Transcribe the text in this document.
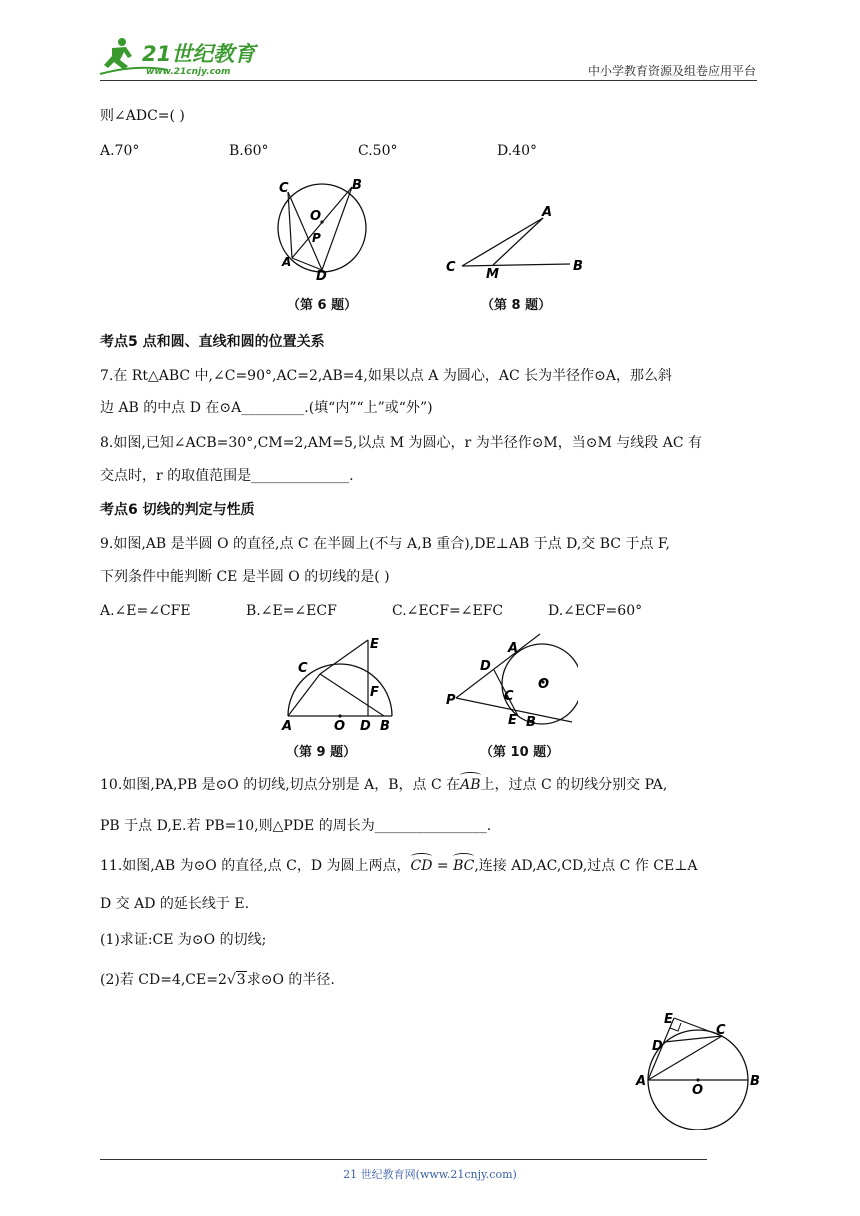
21世纪教育
www.21cnjy.com	中小学教育资源及组卷应用平台
则∠ADC=( )
A.70°	B.60°	C.50°	D.40°
C	B
O
P
A
D
（第 6 题）
A
C M
B
（第 8 题）
考点5 点和圆、直线和圆的位置关系
7.在 Rt△ABC 中,∠C=90°,AC=2,AB=4,如果以点 A 为圆心，AC 长为半径作⊙A，那么斜
边 AB 的中点 D 在⊙A_________.(填“内”“上”或“外”)
8.如图,已知∠ACB=30°,CM=2,AM=5,以点 M 为圆心，r 为半径作⊙M，当⊙M 与线段 AC 有
交点时，r 的取值范围是______________.
考点6 切线的判定与性质
9.如图,AB 是半圆 O 的直径,点 C 在半圆上(不与 A,B 重合),DE⊥AB 于点 D,交 BC 于点 F,
下列条件中能判断 CE 是半圆 O 的切线的是( )
A.∠E=∠CFE	B.∠E=∠ECF	C.∠ECF=∠EFC	D.∠ECF=60°
E
C
F
A	O D B
（第 9 题）
A
D
O
P	C
E B
（第 10 题）
10.如图,PA,PB 是⊙O 的切线,切点分别是 A，B，点 C 在AB上，过点 C 的切线分别交 PA,
PB 于点 D,E.若 PB=10,则△PDE 的周长为________________.
11.如图,AB 为⊙O 的直径,点 C，D 为圆上两点，CD = BC,连接 AD,AC,CD,过点 C 作 CE⊥A
D 交 AD 的延长线于 E.
(1)求证:CE 为⊙O 的切线;
(2)若 CD=4,CE=2√3求⊙O 的半径.
E
C
D
A
O
B
21 世纪教育网(www.21cnjy.com)
